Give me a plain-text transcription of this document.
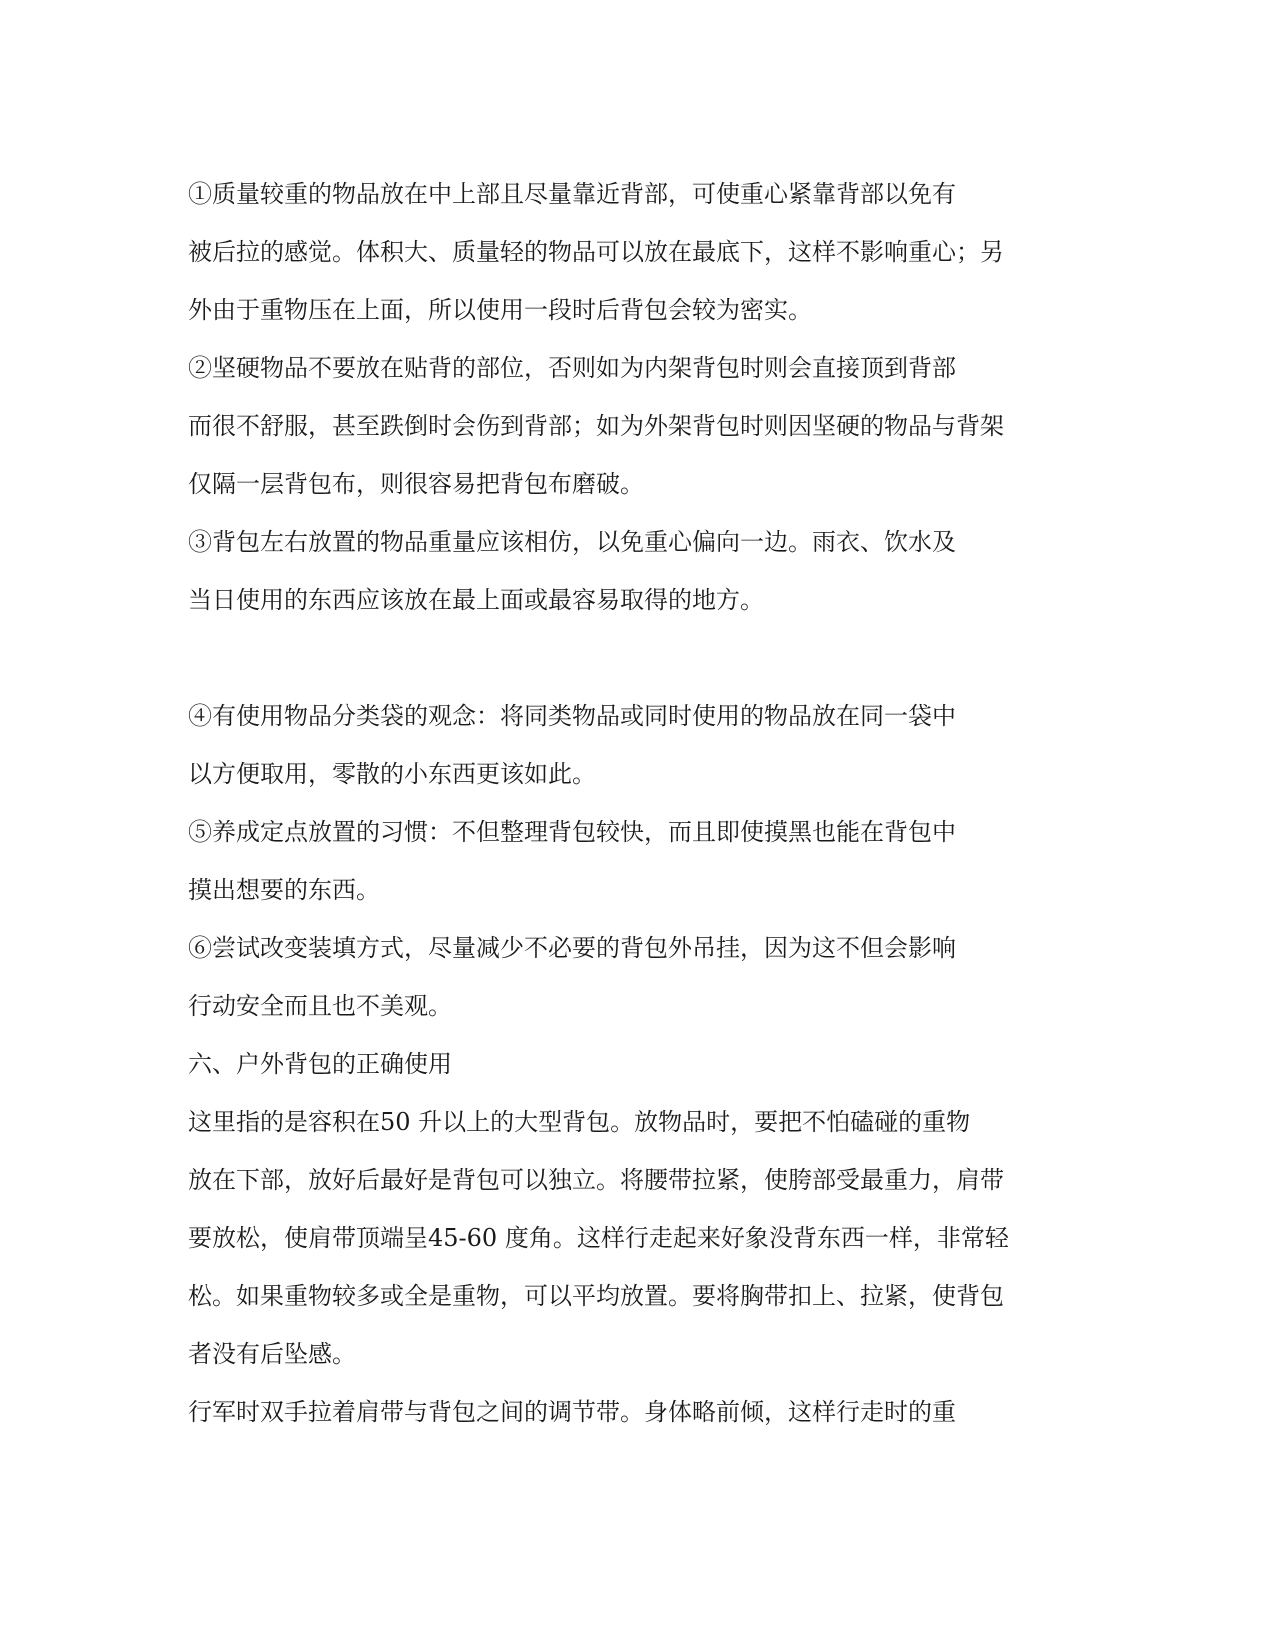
①质量较重的物品放在中上部且尽量靠近背部，可使重心紧靠背部以免有
被后拉的感觉。体积大、质量轻的物品可以放在最底下，这样不影响重心；另
外由于重物压在上面，所以使用一段时后背包会较为密实。
②坚硬物品不要放在贴背的部位，否则如为内架背包时则会直接顶到背部
而很不舒服，甚至跌倒时会伤到背部；如为外架背包时则因坚硬的物品与背架
仅隔一层背包布，则很容易把背包布磨破。
③背包左右放置的物品重量应该相仿，以免重心偏向一边。雨衣、饮水及
当日使用的东西应该放在最上面或最容易取得的地方。
④有使用物品分类袋的观念：将同类物品或同时使用的物品放在同一袋中
以方便取用，零散的小东西更该如此。
⑤养成定点放置的习惯：不但整理背包较快，而且即使摸黑也能在背包中
摸出想要的东西。
⑥尝试改变装填方式，尽量减少不必要的背包外吊挂，因为这不但会影响
行动安全而且也不美观。
六、户外背包的正确使用
这里指的是容积在50 升以上的大型背包。放物品时，要把不怕磕碰的重物
放在下部，放好后最好是背包可以独立。将腰带拉紧，使胯部受最重力，肩带
要放松，使肩带顶端呈45-60 度角。这样行走起来好象没背东西一样，非常轻
松。如果重物较多或全是重物，可以平均放置。要将胸带扣上、拉紧，使背包
者没有后坠感。
行军时双手拉着肩带与背包之间的调节带。身体略前倾，这样行走时的重
